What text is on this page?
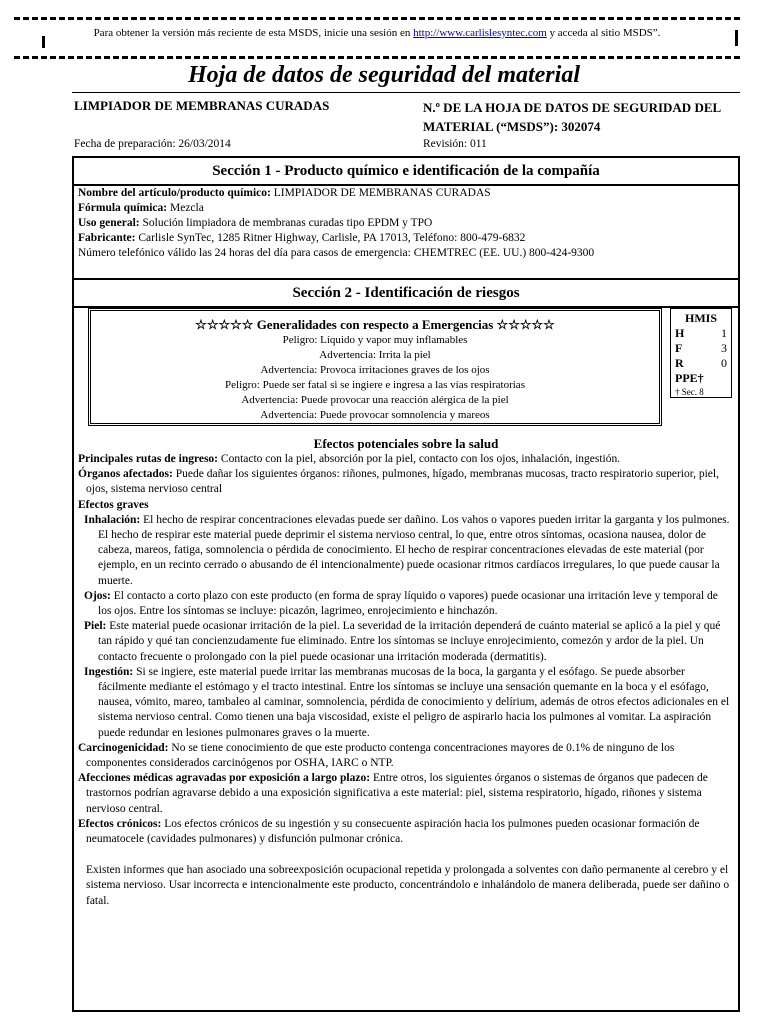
Para obtener la versión más reciente de esta MSDS, inicie una sesión en http://www.carlislesyntec.com y acceda al sitio MSDS”.
Hoja de datos de seguridad del material
LIMPIADOR DE MEMBRANAS CURADAS	N.º DE LA HOJA DE DATOS DE SEGURIDAD DEL MATERIAL (“MSDS”): 302074
Fecha de preparación: 26/03/2014	Revisión: 011
Sección 1 - Producto químico e identificación de la compañía
Nombre del artículo/producto químico: LIMPIADOR DE MEMBRANAS CURADAS
Fórmula química: Mezcla
Uso general: Solución limpiadora de membranas curadas tipo EPDM y TPO
Fabricante: Carlisle SynTec, 1285 Ritner Highway, Carlisle, PA 17013, Teléfono: 800-479-6832
Número telefónico válido las 24 horas del día para casos de emergencia: CHEMTREC (EE. UU.) 800-424-9300
Sección 2 - Identificación de riesgos
☆☆☆☆☆ Generalidades con respecto a Emergencias ☆☆☆☆☆
Peligro: Líquido y vapor muy inflamables
Advertencia: Irrita la piel
Advertencia: Provoca irritaciones graves de los ojos
Peligro: Puede ser fatal si se ingiere e ingresa a las vías respiratorias
Advertencia: Puede provocar una reacción alérgica de la piel
Advertencia: Puede provocar somnolencia y mareos
HMIS
H	1
F	3
R	0
PPE†
† Sec. 8
Efectos potenciales sobre la salud

Principales rutas de ingreso: Contacto con la piel, absorción por la piel, contacto con los ojos, inhalación, ingestión.

Órganos afectados: Puede dañar los siguientes órganos: riñones, pulmones, hígado, membranas mucosas, tracto respiratorio superior, piel, ojos, sistema nervioso central

Efectos graves

Inhalación: El hecho de respirar concentraciones elevadas puede ser dañino. Los vahos o vapores pueden irritar la garganta y los pulmones. El hecho de respirar este material puede deprimir el sistema nervioso central, lo que, entre otros síntomas, ocasiona nausea, dolor de cabeza, mareos, fatiga, somnolencia o pérdida de conocimiento. El hecho de respirar concentraciones elevadas de este material (por ejemplo, en un recinto cerrado o abusando de él intencionalmente) puede ocasionar ritmos cardíacos irregulares, lo que puede causar la muerte.

Ojos: El contacto a corto plazo con este producto (en forma de spray líquido o vapores) puede ocasionar una irritación leve y temporal de los ojos. Entre los síntomas se incluye: picazón, lagrimeo, enrojecimiento e hinchazón.

Piel: Este material puede ocasionar irritación de la piel. La severidad de la irritación dependerá de cuánto material se aplicó a la piel y qué tan rápido y qué tan concienzudamente fue eliminado. Entre los síntomas se incluye enrojecimiento, comezón y ardor de la piel. Un contacto frecuente o prolongado con la piel puede ocasionar una irritación moderada (dermatitis).

Ingestión: Si se ingiere, este material puede irritar las membranas mucosas de la boca, la garganta y el esófago. Se puede absorber fácilmente mediante el estómago y el tracto intestinal. Entre los síntomas se incluye una sensación quemante en la boca y el esófago, nausea, vómito, mareo, tambaleo al caminar, somnolencia, pérdida de conocimiento y delírium, además de otros efectos adicionales en el sistema nervioso central. Como tienen una baja viscosidad, existe el peligro de aspirarlo hacia los pulmones al vomitar. La aspiración puede redundar en lesiones pulmonares graves o la muerte.

Carcinogenicidad: No se tiene conocimiento de que este producto contenga concentraciones mayores de 0.1% de ninguno de los componentes considerados carcinógenos por OSHA, IARC o NTP.

Afecciones médicas agravadas por exposición a largo plazo: Entre otros, los siguientes órganos o sistemas de órganos que padecen de trastornos podrían agravarse debido a una exposición significativa a este material: piel, sistema respiratorio, hígado, riñones y sistema nervioso central.

Efectos crónicos: Los efectos crónicos de su ingestión y su consecuente aspiración hacia los pulmones pueden ocasionar formación de neumatocele (cavidades pulmonares) y disfunción pulmonar crónica.

Existen informes que han asociado una sobreexposición ocupacional repetida y prolongada a solventes con daño permanente al cerebro y el sistema nervioso. Usar incorrecta e intencionalmente este producto, concentrándolo e inhalándolo de manera deliberada, puede ser dañino o fatal.
